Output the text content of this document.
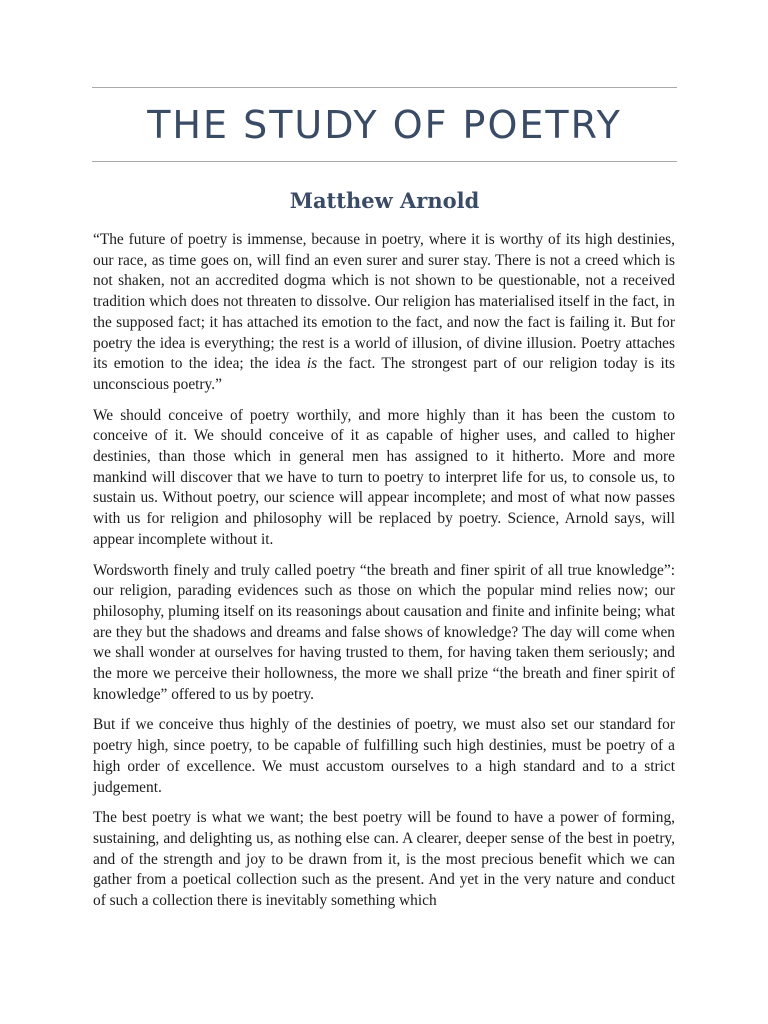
THE STUDY OF POETRY
Matthew Arnold

“The future of poetry is immense, because in poetry, where it is worthy of its high destinies, our race, as time goes on, will find an even surer and surer stay. There is not a creed which is not shaken, not an accredited dogma which is not shown to be questionable, not a received tradition which does not threaten to dissolve. Our religion has materialised itself in the fact, in the supposed fact; it has attached its emotion to the fact, and now the fact is failing it. But for poetry the idea is everything; the rest is a world of illusion, of divine illusion. Poetry attaches its emotion to the idea; the idea is the fact. The strongest part of our religion today is its unconscious poetry.”

We should conceive of poetry worthily, and more highly than it has been the custom to conceive of it. We should conceive of it as capable of higher uses, and called to higher destinies, than those which in general men has assigned to it hitherto. More and more mankind will discover that we have to turn to poetry to interpret life for us, to console us, to sustain us. Without poetry, our science will appear incomplete; and most of what now passes with us for religion and philosophy will be replaced by poetry. Science, Arnold says, will appear incomplete without it.

Wordsworth finely and truly called poetry “the breath and finer spirit of all true knowledge”: our religion, parading evidences such as those on which the popular mind relies now; our philosophy, pluming itself on its reasonings about causation and finite and infinite being; what are they but the shadows and dreams and false shows of knowledge? The day will come when we shall wonder at ourselves for having trusted to them, for having taken them seriously; and the more we perceive their hollowness, the more we shall prize “the breath and finer spirit of knowledge” offered to us by poetry.

But if we conceive thus highly of the destinies of poetry, we must also set our standard for poetry high, since poetry, to be capable of fulfilling such high destinies, must be poetry of a high order of excellence. We must accustom ourselves to a high standard and to a strict judgement.

The best poetry is what we want; the best poetry will be found to have a power of forming, sustaining, and delighting us, as nothing else can. A clearer, deeper sense of the best in poetry, and of the strength and joy to be drawn from it, is the most precious benefit which we can gather from a poetical collection such as the present. And yet in the very nature and conduct of such a collection there is inevitably something which
